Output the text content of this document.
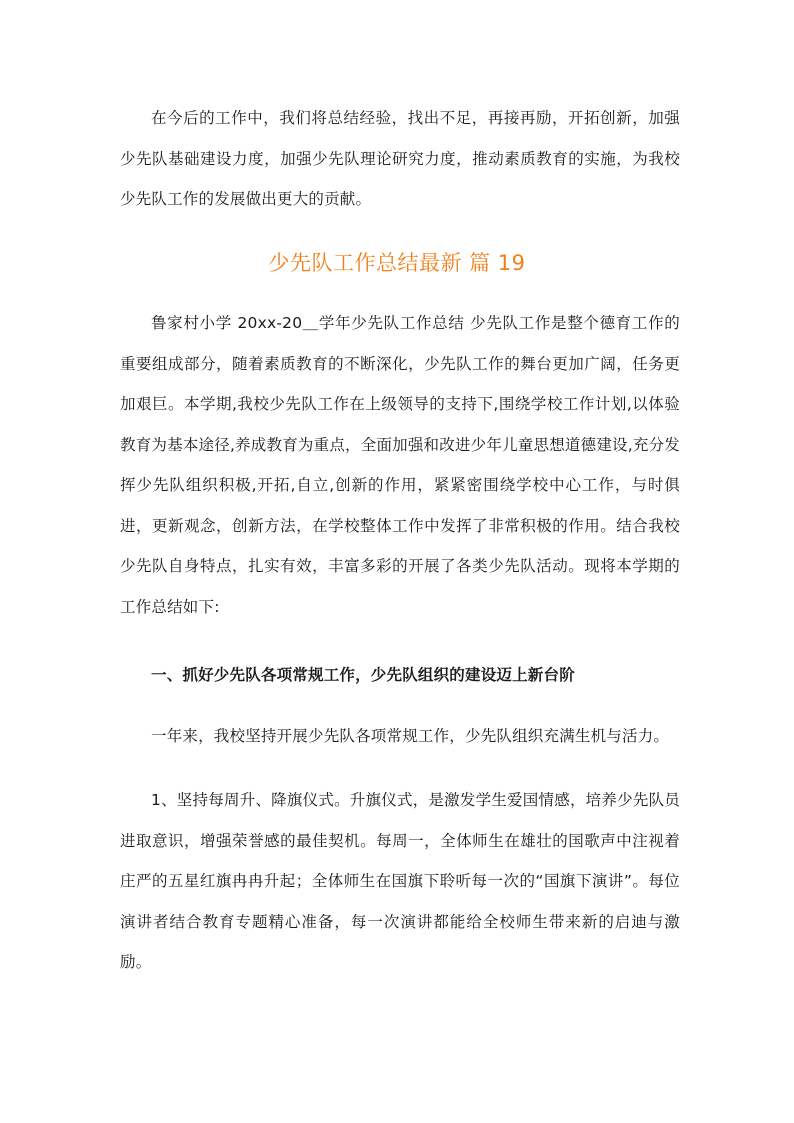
在今后的工作中，我们将总结经验，找出不足，再接再励，开拓创新，加强少先队基础建设力度，加强少先队理论研究力度，推动素质教育的实施，为我校少先队工作的发展做出更大的贡献。

少先队工作总结最新 篇 19

鲁家村小学 20xx-20＿学年少先队工作总结 少先队工作是整个德育工作的重要组成部分，随着素质教育的不断深化，少先队工作的舞台更加广阔，任务更加艰巨。本学期,我校少先队工作在上级领导的支持下,围绕学校工作计划,以体验教育为基本途径,养成教育为重点，全面加强和改进少年儿童思想道德建设,充分发挥少先队组织积极,开拓,自立,创新的作用，紧紧密围绕学校中心工作，与时俱进，更新观念，创新方法，在学校整体工作中发挥了非常积极的作用。结合我校少先队自身特点，扎实有效，丰富多彩的开展了各类少先队活动。现将本学期的工作总结如下:

一、抓好少先队各项常规工作，少先队组织的建设迈上新台阶

一年来，我校坚持开展少先队各项常规工作，少先队组织充满生机与活力。

1、坚持每周升、降旗仪式。升旗仪式，是激发学生爱国情感，培养少先队员进取意识，增强荣誉感的最佳契机。每周一，全体师生在雄壮的国歌声中注视着庄严的五星红旗冉冉升起；全体师生在国旗下聆听每一次的“国旗下演讲”。每位演讲者结合教育专题精心准备，每一次演讲都能给全校师生带来新的启迪与激励。
